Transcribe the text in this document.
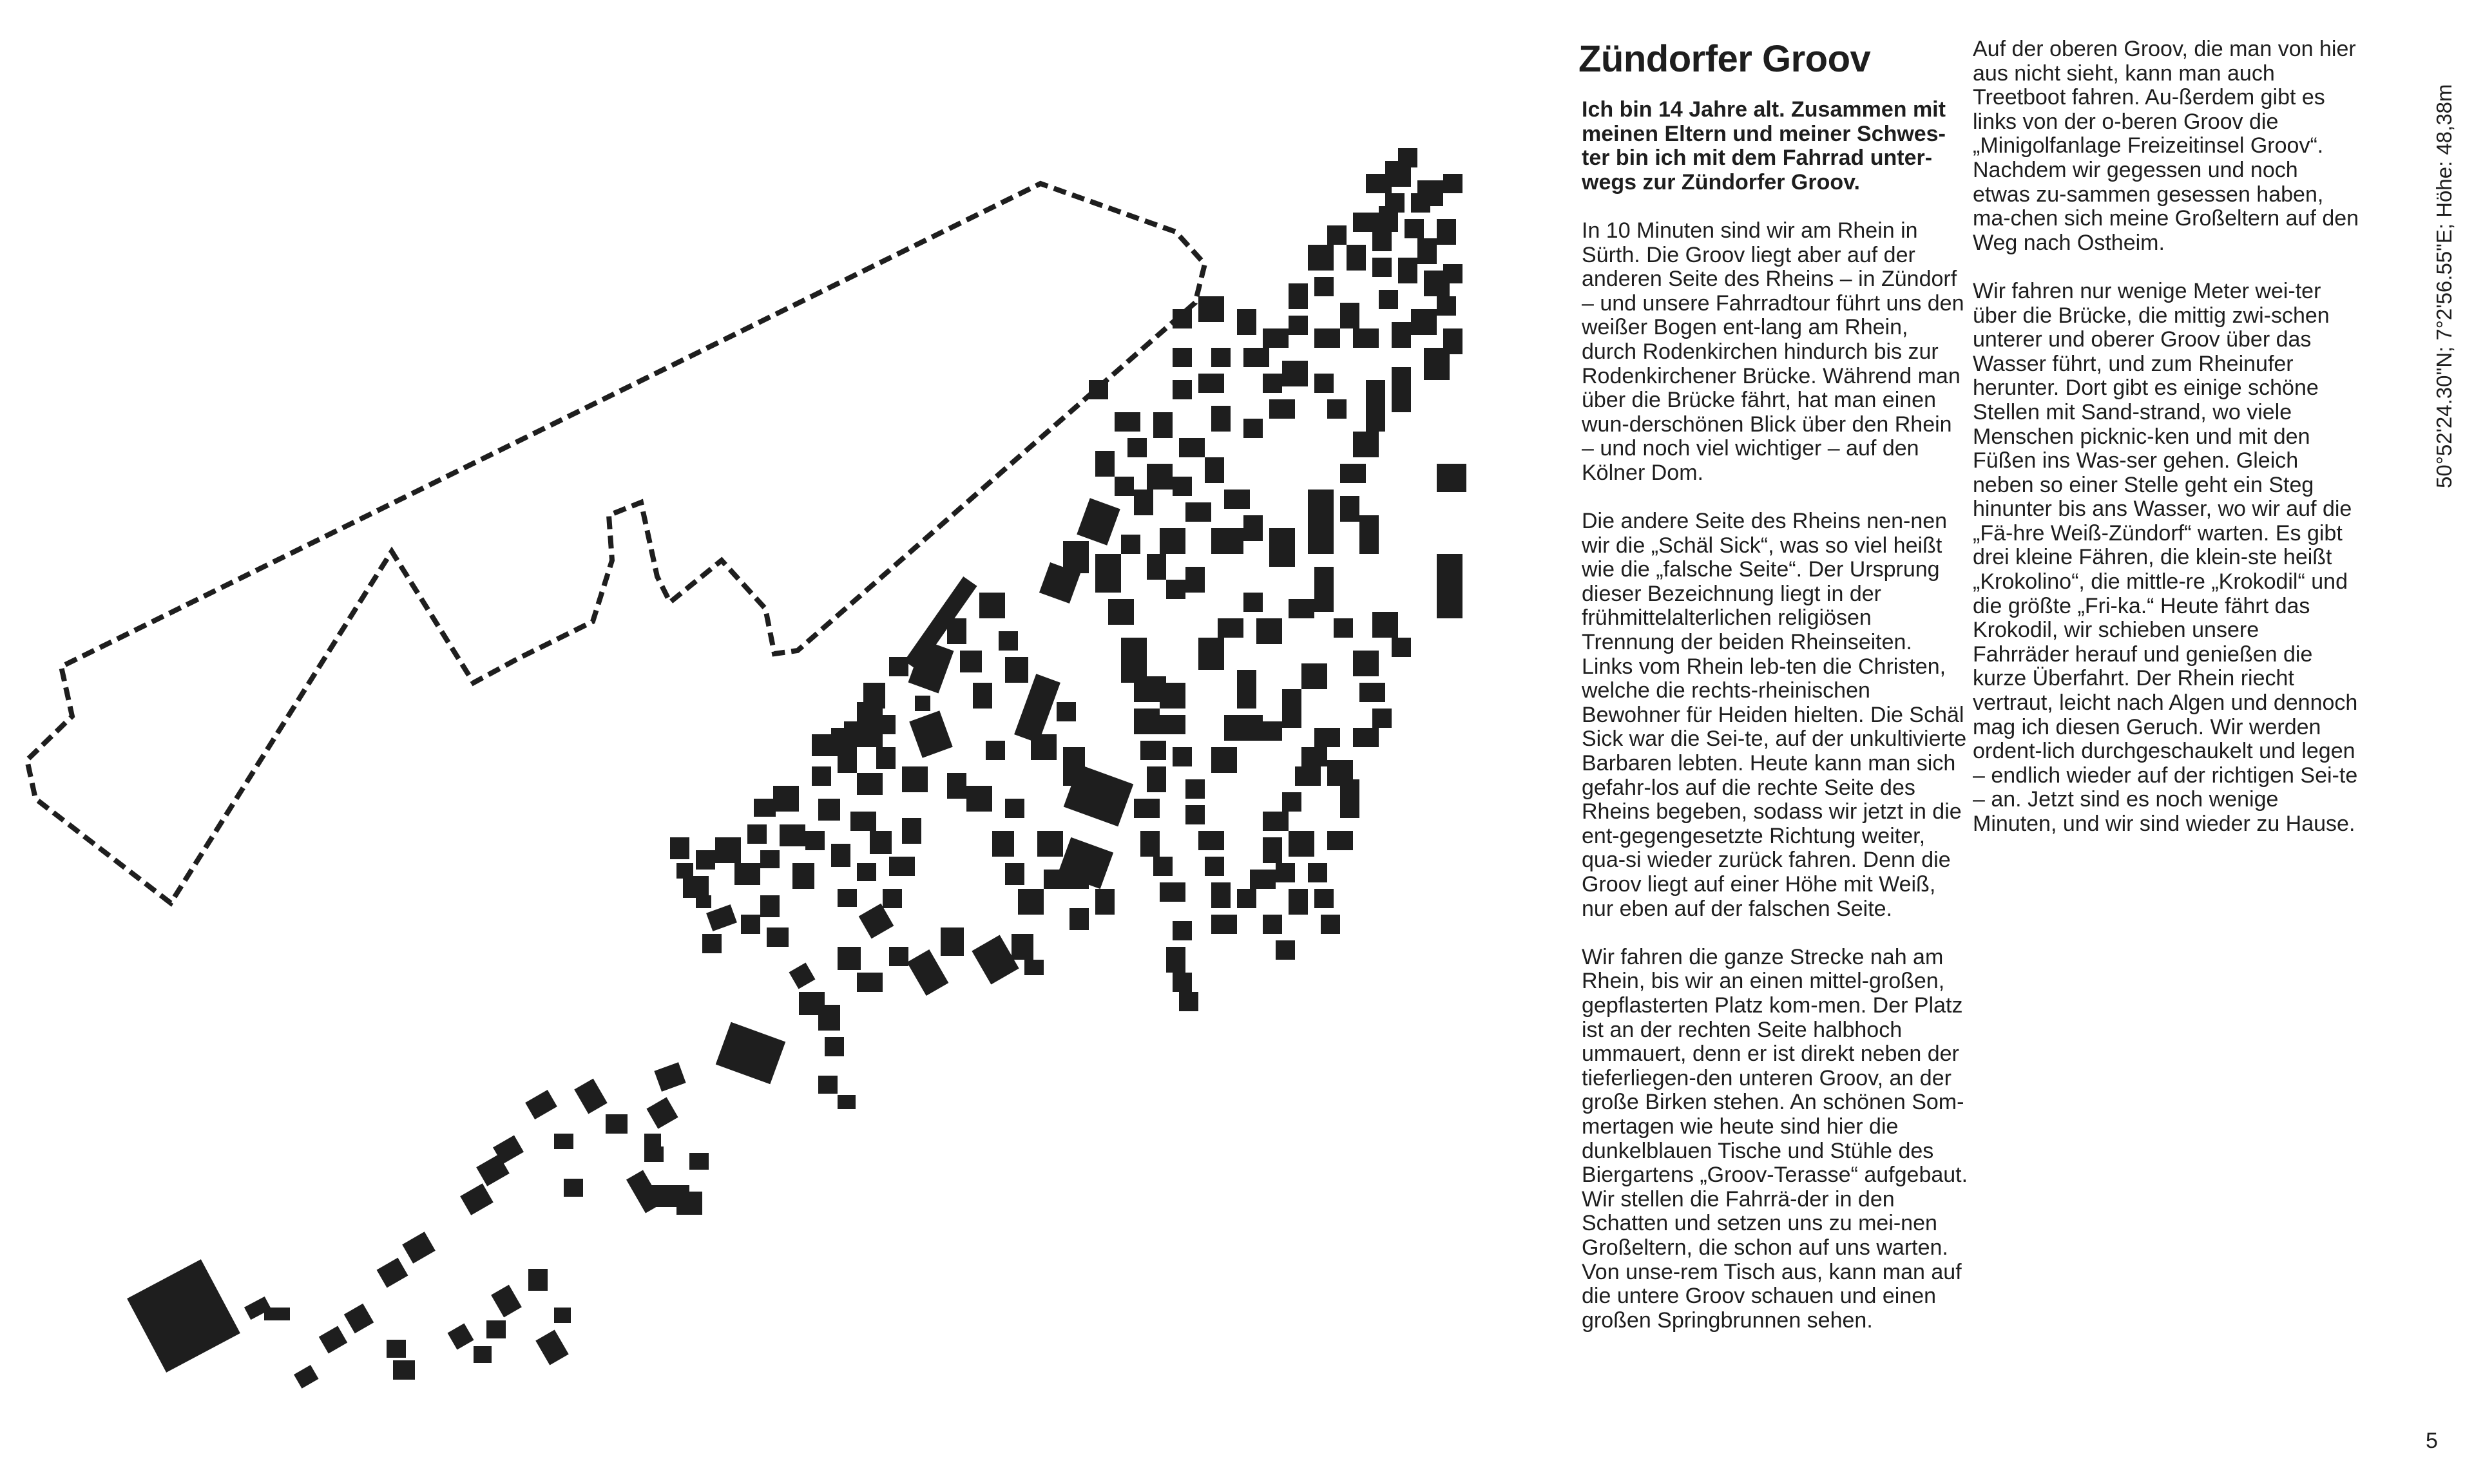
Zündorfer Groov

Ich bin 14 Jahre alt. Zusammen mit meinen Eltern und meiner Schwes-ter bin ich mit dem Fahrrad unter-wegs zur Zündorfer Groov.

In 10 Minuten sind wir am Rhein in Sürth. Die Groov liegt aber auf der anderen Seite des Rheins – in Zündorf – und unsere Fahrradtour führt uns den weißer Bogen ent-lang am Rhein, durch Rodenkirchen hindurch bis zur Rodenkirchener Brücke. Während man über die Brücke fährt, hat man einen wun-derschönen Blick über den Rhein – und noch viel wichtiger – auf den Kölner Dom.

Die andere Seite des Rheins nen-nen wir die „Schäl Sick“, was so viel heißt wie die „falsche Seite“. Der Ursprung dieser Bezeichnung liegt in der frühmittelalterlichen religiösen Trennung der beiden Rheinseiten. Links vom Rhein leb-ten die Christen, welche die rechts-rheinischen Bewohner für Heiden hielten. Die Schäl Sick war die Sei-te, auf der unkultivierte Barbaren lebten. Heute kann man sich gefahr-los auf die rechte Seite des Rheins begeben, sodass wir jetzt in die ent-gegengesetzte Richtung weiter, qua-si wieder zurück fahren. Denn die Groov liegt auf einer Höhe mit Weiß, nur eben auf der falschen Seite.

Wir fahren die ganze Strecke nah am Rhein, bis wir an einen mittel-großen, gepflasterten Platz kom-men. Der Platz ist an der rechten Seite halbhoch ummauert, denn er ist direkt neben der tieferliegen-den unteren Groov, an der große Birken stehen. An schönen Som-mertagen wie heute sind hier die dunkelblauen Tische und Stühle des Biergartens „Groov-Terasse“ aufgebaut. Wir stellen die Fahrrä-der in den Schatten und setzen uns zu mei-nen Großeltern, die schon auf uns warten. Von unse-rem Tisch aus, kann man auf die untere Groov schauen und einen großen Springbrunnen sehen.

Auf der oberen Groov, die man von hier aus nicht sieht, kann man auch Treetboot fahren. Au-ßerdem gibt es links von der o-beren Groov die „Minigolfanlage Freizeitinsel Groov“. Nachdem wir gegessen und noch etwas zu-sammen gesessen haben, ma-chen sich meine Großeltern auf den Weg nach Ostheim.

Wir fahren nur wenige Meter wei-ter über die Brücke, die mittig zwi-schen unterer und oberer Groov über das Wasser führt, und zum Rheinufer herunter. Dort gibt es einige schöne Stellen mit Sand-strand, wo viele Menschen picknic-ken und mit den Füßen ins Was-ser gehen. Gleich neben so einer Stelle geht ein Steg hinunter bis ans Wasser, wo wir auf die „Fä-hre Weiß-Zündorf“ warten. Es gibt drei kleine Fähren, die klein-ste heißt „Krokolino“, die mittle-re „Krokodil“ und die größte „Fri-ka.“ Heute fährt das Krokodil, wir schieben unsere Fahrräder herauf und genießen die kurze Überfahrt. Der Rhein riecht vertraut, leicht nach Algen und dennoch mag ich diesen Geruch. Wir werden ordent-lich durchgeschaukelt und legen – endlich wieder auf der richtigen Sei-te – an. Jetzt sind es noch wenige Minuten, und wir sind wieder zu Hause.

50°52'24.30"N; 7°2'56.55"E; Höhe: 48,38m
5
